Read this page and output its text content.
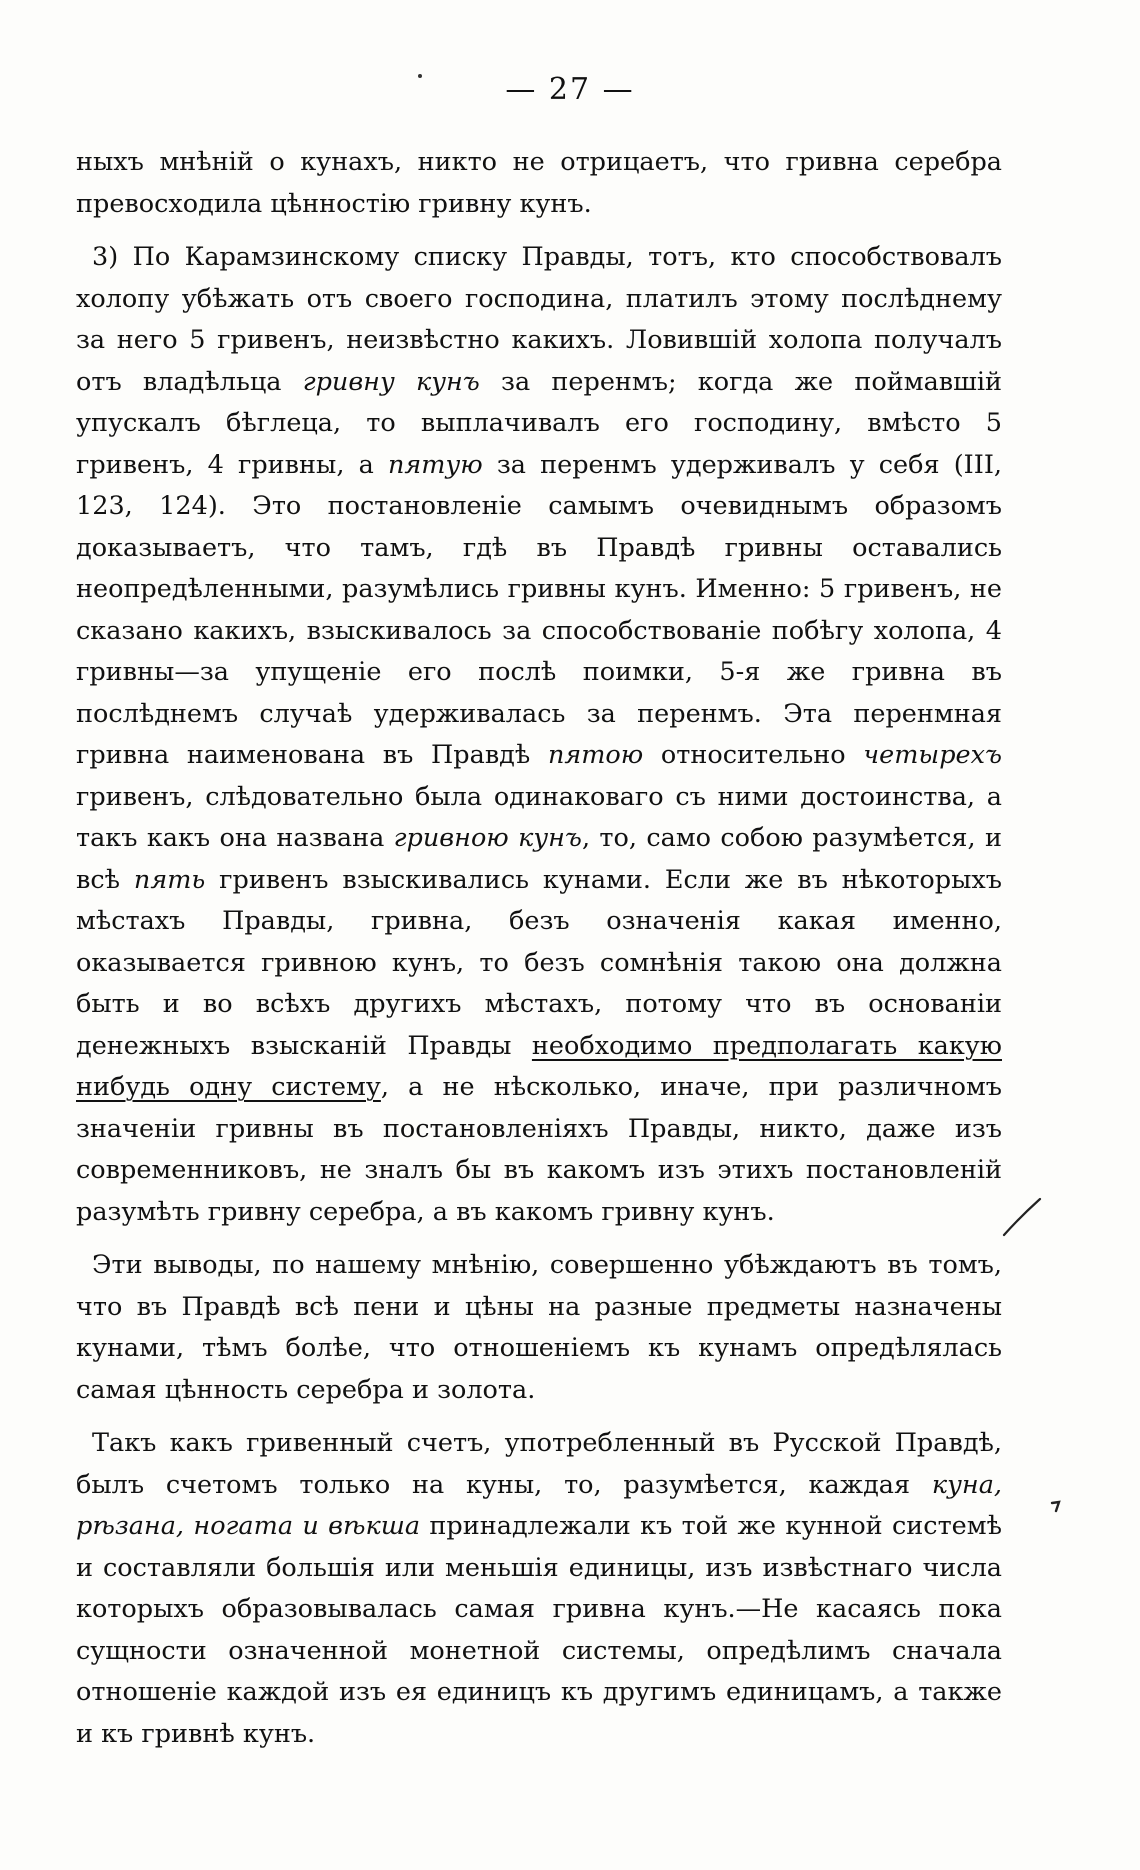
— 27 —

ныхъ мнѣній о кунахъ, никто не отрицаетъ, что гривна серебра превосходила цѣнностію гривну кунъ.

3) По Карамзинскому списку Правды, тотъ, кто способствовалъ холопу убѣжать отъ своего господина, платилъ этому послѣднему за него 5 гривенъ, неизвѣстно какихъ. Ловившій холопа получалъ отъ владѣльца гривну кунъ за перенмъ; когда же поймавшій упускалъ бѣглеца, то выплачивалъ его господину, вмѣсто 5 гривенъ, 4 гривны, а пятую за перенмъ удерживалъ у себя (III, 123, 124). Это постановленіе самымъ очевиднымъ образомъ доказываетъ, что тамъ, гдѣ въ Правдѣ гривны оставались неопредѣленными, разумѣлись гривны кунъ. Именно: 5 гривенъ, не сказано какихъ, взыскивалось за способствованіе побѣгу холопа, 4 гривны—за упущеніе его послѣ поимки, 5-я же гривна въ послѣднемъ случаѣ удерживалась за перенмъ. Эта перенмная гривна наименована въ Правдѣ пятою относительно четырехъ гривенъ, слѣдовательно была одинаковаго съ ними достоинства, а такъ какъ она названа гривною кунъ, то, само собою разумѣется, и всѣ пять гривенъ взыскивались кунами. Если же въ нѣкоторыхъ мѣстахъ Правды, гривна, безъ означенія какая именно, оказывается гривною кунъ, то безъ сомнѣнія такою она должна быть и во всѣхъ другихъ мѣстахъ, потому что въ основаніи денежныхъ взысканій Правды необходимо предполагать какую нибудь одну систему, а не нѣсколько, иначе, при различномъ значеніи гривны въ постановленіяхъ Правды, никто, даже изъ современниковъ, не зналъ бы въ какомъ изъ этихъ постановленій разумѣть гривну серебра, а въ какомъ гривну кунъ.

Эти выводы, по нашему мнѣнію, совершенно убѣждаютъ въ томъ, что въ Правдѣ всѣ пени и цѣны на разные предметы назначены кунами, тѣмъ болѣе, что отношеніемъ къ кунамъ опредѣлялась самая цѣнность серебра и золота.

Такъ какъ гривенный счетъ, употребленный въ Русской Правдѣ, былъ счетомъ только на куны, то, разумѣется, каждая куна, рѣзана, ногата и вѣкша принадлежали къ той же кунной системѣ и составляли большія или меньшія единицы, изъ извѣстнаго числа которыхъ образовывалась самая гривна кунъ.—Не касаясь пока сущности означенной монетной системы, опредѣлимъ сначала отношеніе каждой изъ ея единицъ къ другимъ единицамъ, а также и къ гривнѣ кунъ.
